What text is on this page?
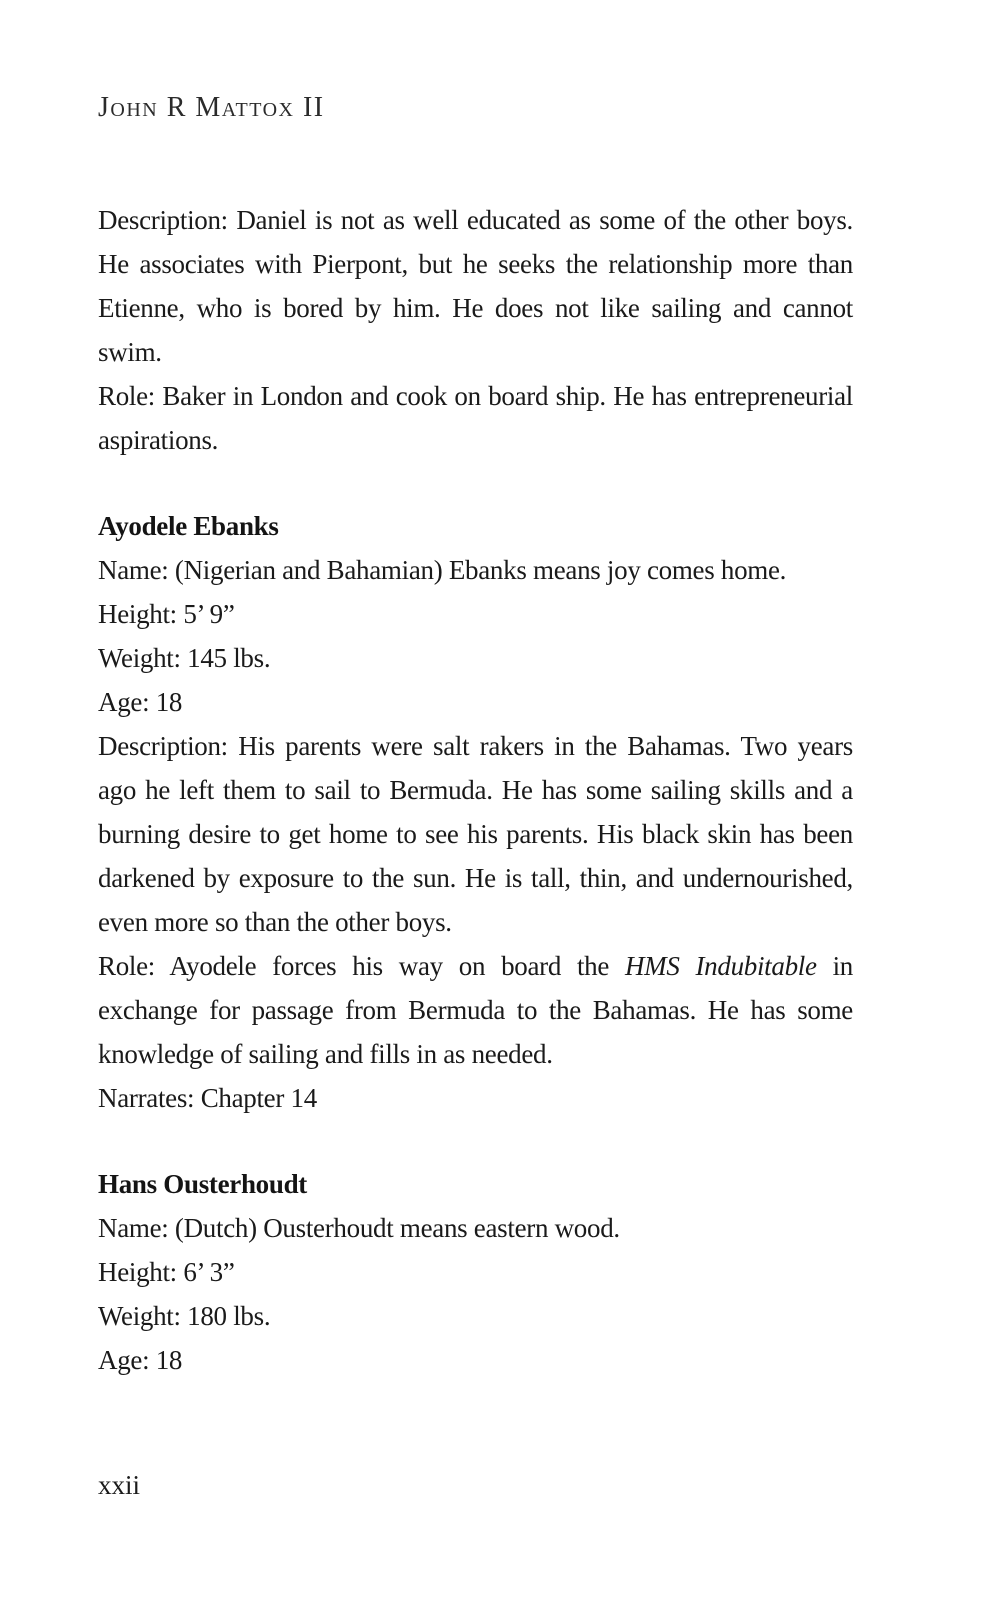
John R Mattox II

Description: Daniel is not as well educated as some of the other boys. He associates with Pierpont, but he seeks the relationship more than Etienne, who is bored by him. He does not like sailing and cannot swim.

Role: Baker in London and cook on board ship. He has entrepreneurial aspirations.

Ayodele Ebanks

Name: (Nigerian and Bahamian) Ebanks means joy comes home.

Height: 5’ 9”

Weight: 145 lbs.

Age: 18

Description: His parents were salt rakers in the Bahamas. Two years ago he left them to sail to Bermuda. He has some sailing skills and a burning desire to get home to see his parents. His black skin has been darkened by exposure to the sun. He is tall, thin, and undernourished, even more so than the other boys.

Role: Ayodele forces his way on board the HMS Indubitable in exchange for passage from Bermuda to the Bahamas. He has some knowledge of sailing and fills in as needed.

Narrates: Chapter 14

Hans Ousterhoudt

Name: (Dutch) Ousterhoudt means eastern wood.

Height: 6’ 3”

Weight: 180 lbs.

Age: 18

xxii
